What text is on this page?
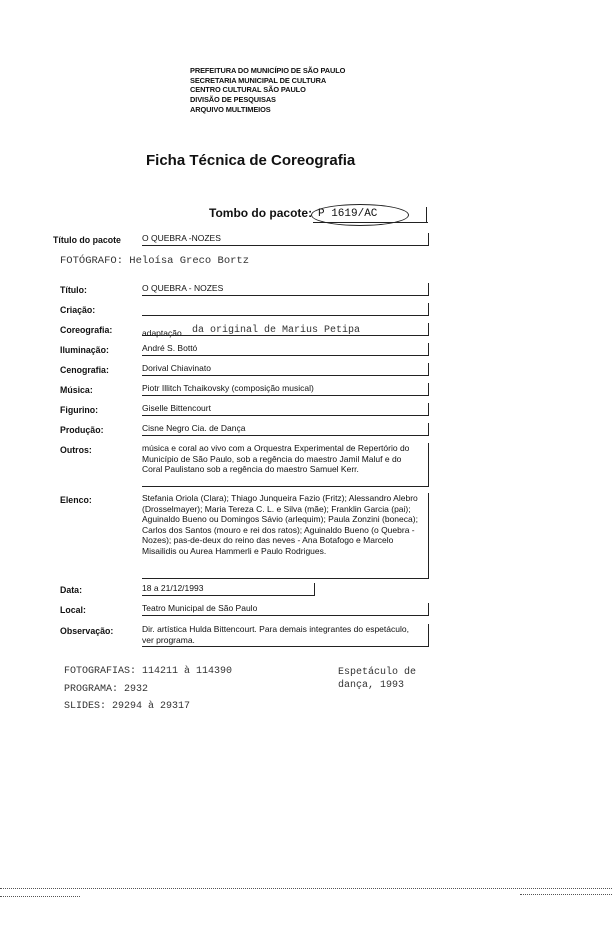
PREFEITURA DO MUNICÍPIO DE SÃO PAULO
SECRETARIA MUNICIPAL DE CULTURA
CENTRO CULTURAL SÃO PAULO
DIVISÃO DE PESQUISAS
ARQUIVO MULTIMEIOS
Ficha Técnica de Coreografia
Tombo do pacote: P 1619/AC
Título do pacote O QUEBRA -NOZES
FOTÓGRAFO: Heloísa Greco Bortz
Título:	O QUEBRA - NOZES
Criação:
Coreografia:	adaptação	da original de Marius Petipa
Iluminação:	André S. Bottó
Cenografia:	Dorival Chiavinato
Música:	Piotr Illitch Tchaikovsky (composição musical)
Figurino:	Giselle Bittencourt
Produção:	Cisne Negro Cia. de Dança
Outros:	música e coral ao vivo com a Orquestra Experimental de Repertório do Município de São Paulo, sob a regência do maestro Jamil Maluf e do Coral Paulistano sob a regência do maestro Samuel Kerr.
Elenco:	Stefania Oriola (Clara); Thiago Junqueira Fazio (Fritz); Alessandro Alebro (Drosselmayer); Maria Tereza C. L. e Silva (mãe); Franklin Garcia (pai); Aguinaldo Bueno ou Domingos Sávio (arlequim); Paula Zonzini (boneca); Carlos dos Santos (mouro e rei dos ratos); Aguinaldo Bueno (o Quebra - Nozes); pas-de-deux do reino das neves - Ana Botafogo e Marcelo Misailidis ou Aurea Hammerli e Paulo Rodrigues.
Data:	18 a 21/12/1993
Local:	Teatro Municipal de São Paulo
Observação:	Dir. artística Hulda Bittencourt. Para demais integrantes do espetáculo, ver programa.
FOTOGRAFIAS: 114211 à 114390
PROGRAMA: 2932
SLIDES: 29294 à 29317
Espetáculo de
dança, 1993
